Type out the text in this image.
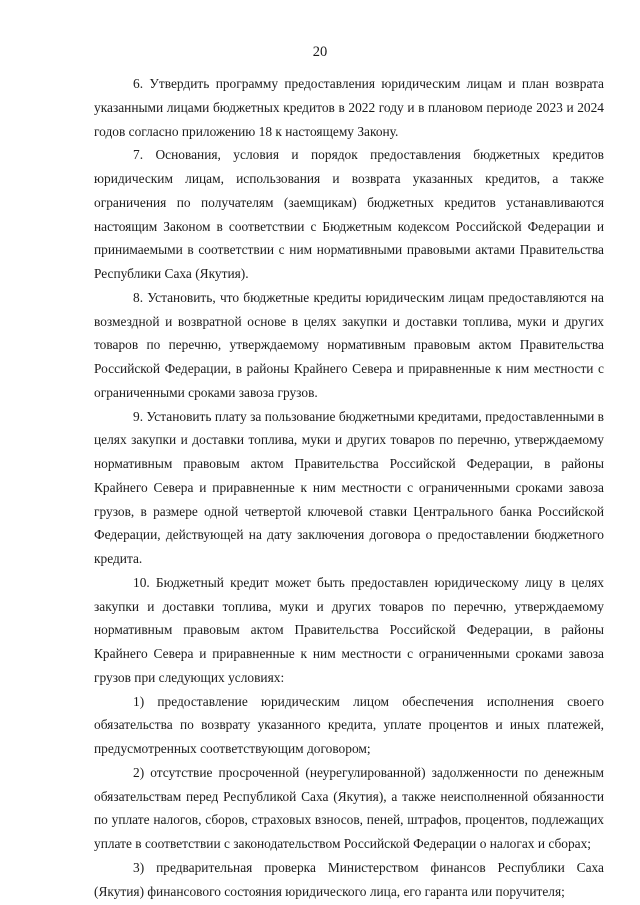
20

6. Утвердить программу предоставления юридическим лицам и план возврата указанными лицами бюджетных кредитов в 2022 году и в плановом периоде 2023 и 2024 годов согласно приложению 18 к настоящему Закону.

7. Основания, условия и порядок предоставления бюджетных кредитов юридическим лицам, использования и возврата указанных кредитов, а также ограничения по получателям (заемщикам) бюджетных кредитов устанавливаются настоящим Законом в соответствии с Бюджетным кодексом Российской Федерации и принимаемыми в соответствии с ним нормативными правовыми актами Правительства Республики Саха (Якутия).

8. Установить, что бюджетные кредиты юридическим лицам предоставляются на возмездной и возвратной основе в целях закупки и доставки топлива, муки и других товаров по перечню, утверждаемому нормативным правовым актом Правительства Российской Федерации, в районы Крайнего Севера и приравненные к ним местности с ограниченными сроками завоза грузов.

9. Установить плату за пользование бюджетными кредитами, предоставленными в целях закупки и доставки топлива, муки и других товаров по перечню, утверждаемому нормативным правовым актом Правительства Российской Федерации, в районы Крайнего Севера и приравненные к ним местности с ограниченными сроками завоза грузов, в размере одной четвертой ключевой ставки Центрального банка Российской Федерации, действующей на дату заключения договора о предоставлении бюджетного кредита.

10. Бюджетный кредит может быть предоставлен юридическому лицу в целях закупки и доставки топлива, муки и других товаров по перечню, утверждаемому нормативным правовым актом Правительства Российской Федерации, в районы Крайнего Севера и приравненные к ним местности с ограниченными сроками завоза грузов при следующих условиях:

1) предоставление юридическим лицом обеспечения исполнения своего обязательства по возврату указанного кредита, уплате процентов и иных платежей, предусмотренных соответствующим договором;

2) отсутствие просроченной (неурегулированной) задолженности по денежным обязательствам перед Республикой Саха (Якутия), а также неисполненной обязанности по уплате налогов, сборов, страховых взносов, пеней, штрафов, процентов, подлежащих уплате в соответствии с законодательством Российской Федерации о налогах и сборах;

3) предварительная проверка Министерством финансов Республики Саха (Якутия) финансового состояния юридического лица, его гаранта или поручителя;
